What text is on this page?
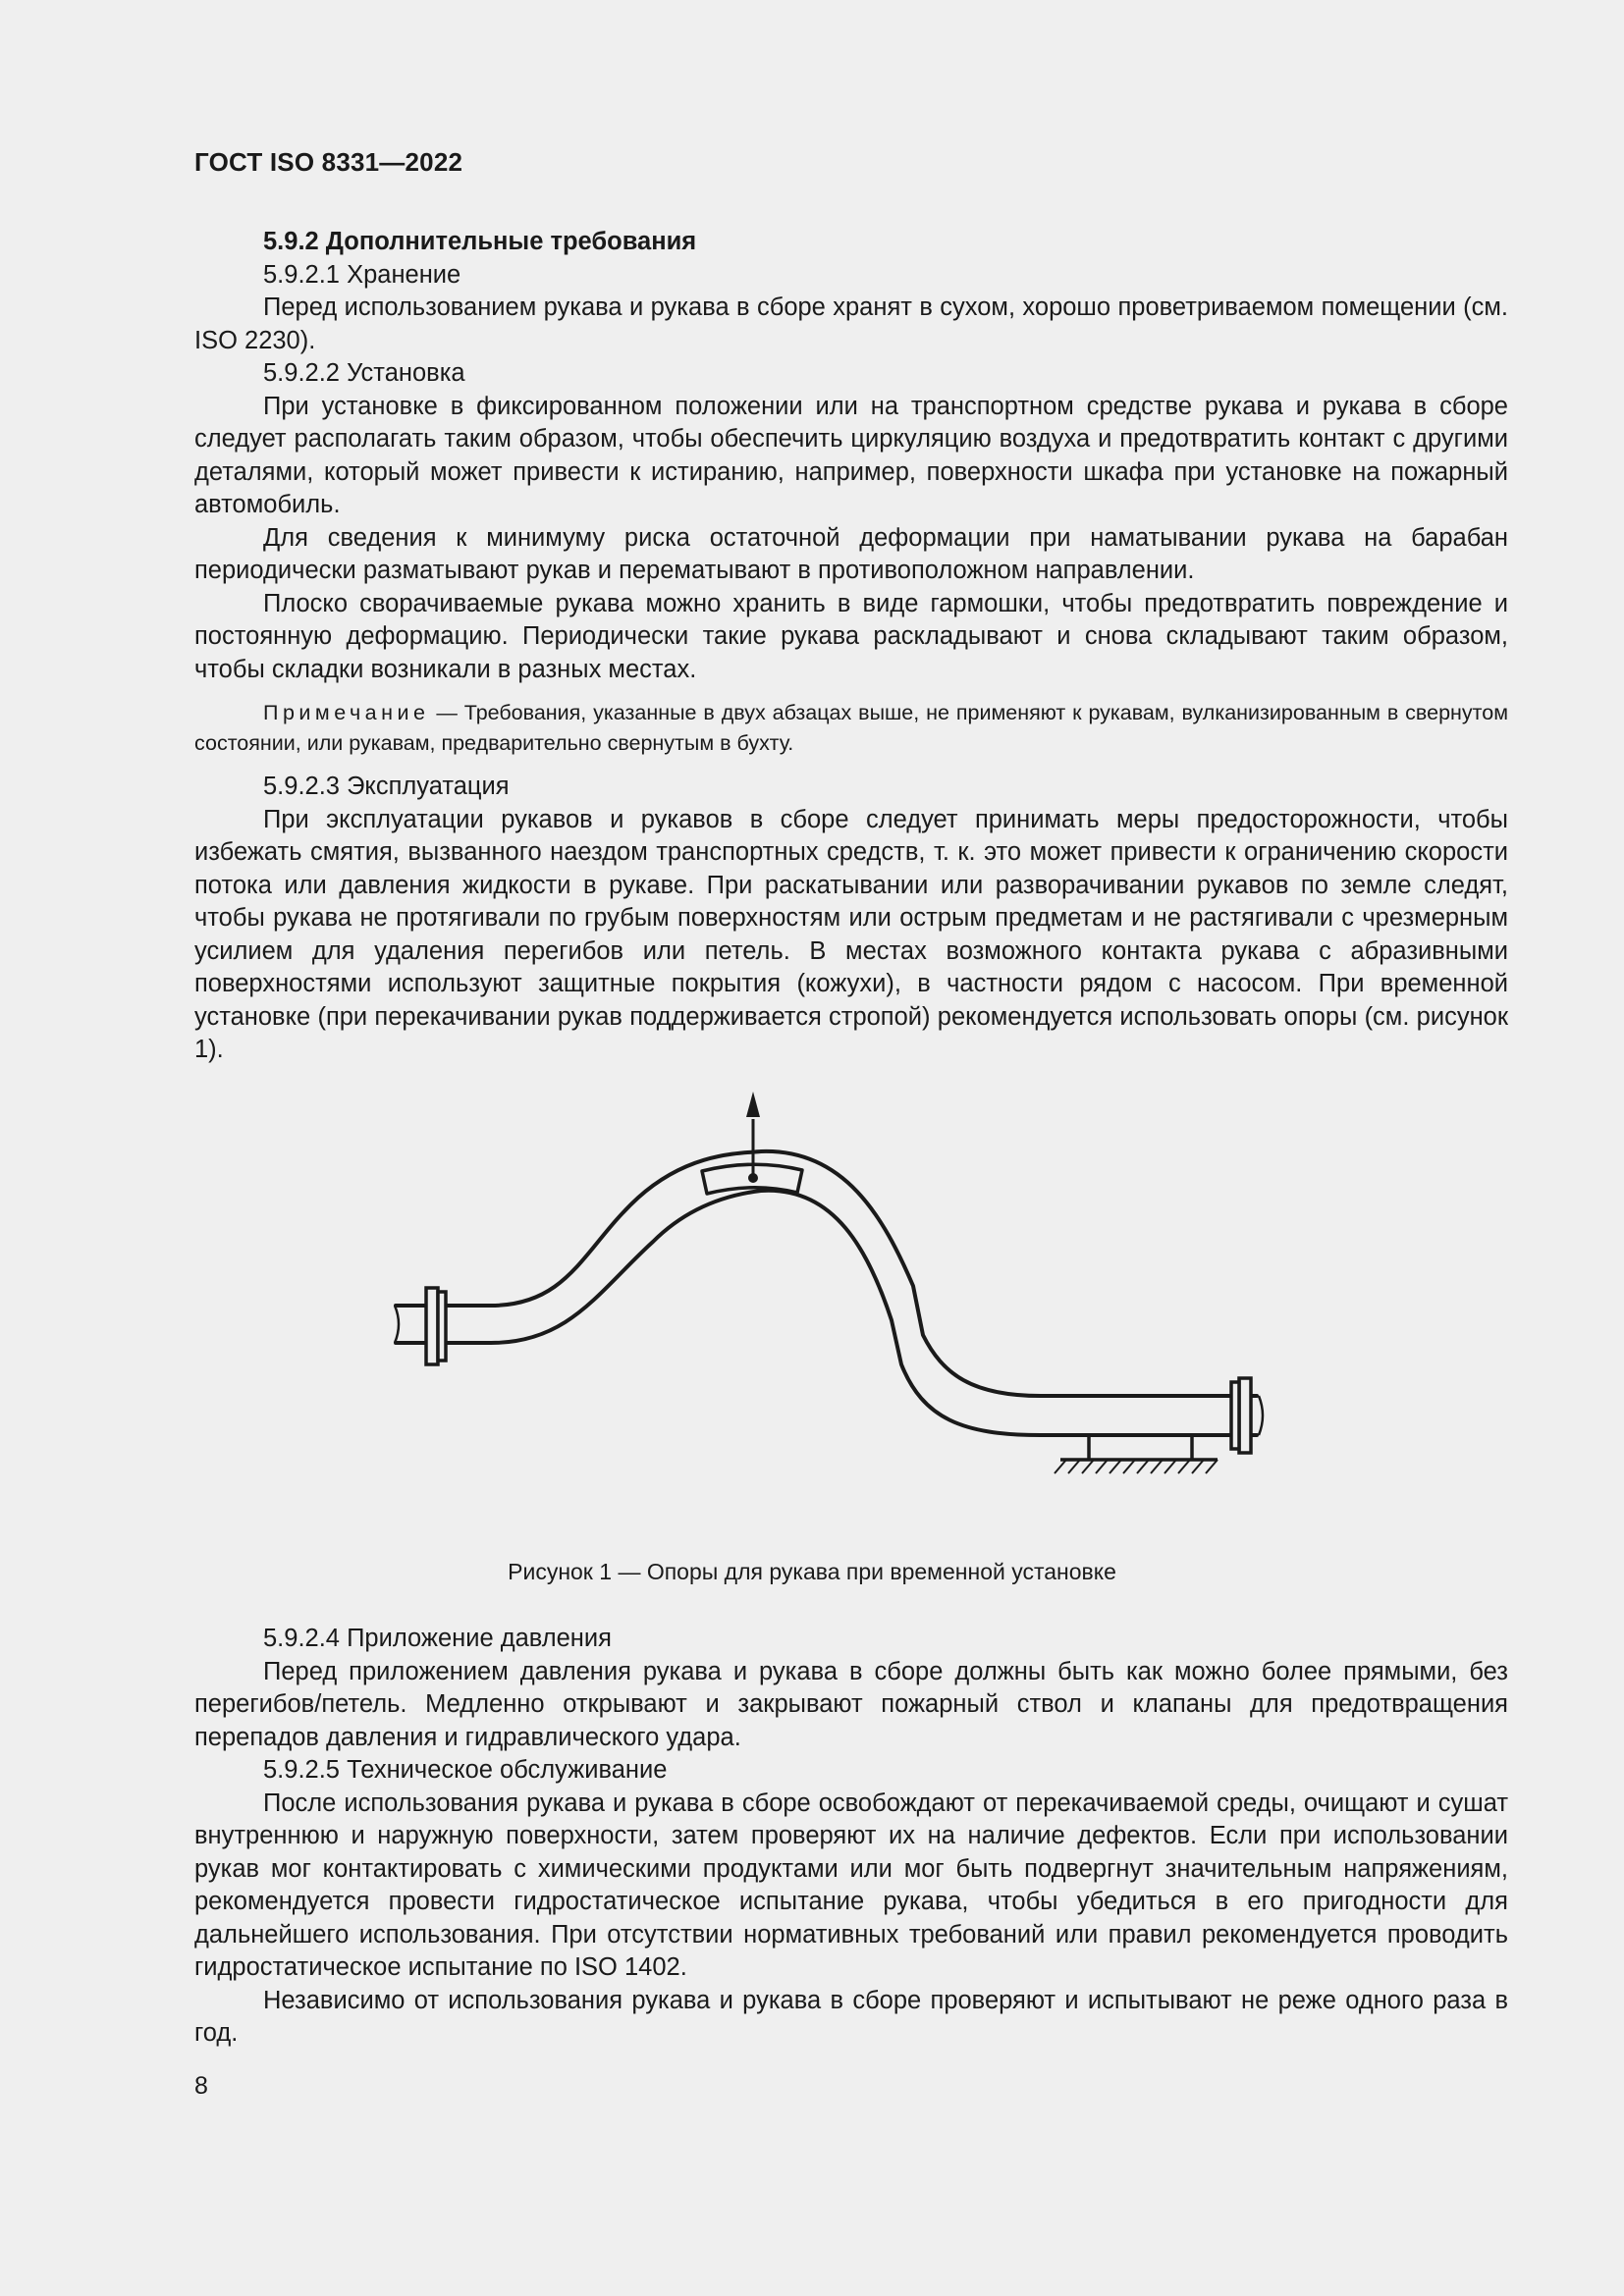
ГОСТ ISO 8331—2022

5.9.2 Дополнительные требования

5.9.2.1 Хранение

Перед использованием рукава и рукава в сборе хранят в сухом, хорошо проветриваемом помещении (см. ISO 2230).

5.9.2.2 Установка

При установке в фиксированном положении или на транспортном средстве рукава и рукава в сборе следует располагать таким образом, чтобы обеспечить циркуляцию воздуха и предотвратить контакт с другими деталями, который может привести к истиранию, например, поверхности шкафа при установке на пожарный автомобиль.

Для сведения к минимуму риска остаточной деформации при наматывании рукава на барабан периодически разматывают рукав и перематывают в противоположном направлении.

Плоско сворачиваемые рукава можно хранить в виде гармошки, чтобы предотвратить повреждение и постоянную деформацию. Периодически такие рукава раскладывают и снова складывают таким образом, чтобы складки возникали в разных местах.

Примечание — Требования, указанные в двух абзацах выше, не применяют к рукавам, вулканизированным в свернутом состоянии, или рукавам, предварительно свернутым в бухту.

5.9.2.3 Эксплуатация

При эксплуатации рукавов и рукавов в сборе следует принимать меры предосторожности, чтобы избежать смятия, вызванного наездом транспортных средств, т. к. это может привести к ограничению скорости потока или давления жидкости в рукаве. При раскатывании или разворачивании рукавов по земле следят, чтобы рукава не протягивали по грубым поверхностям или острым предметам и не растягивали с чрезмерным усилием для удаления перегибов или петель. В местах возможного контакта рукава с абразивными поверхностями используют защитные покрытия (кожухи), в частности рядом с насосом. При временной установке (при перекачивании рукав поддерживается стропой) рекомендуется использовать опоры (см. рисунок 1).

Рисунок 1 — Опоры для рукава при временной установке

5.9.2.4 Приложение давления

Перед приложением давления рукава и рукава в сборе должны быть как можно более прямыми, без перегибов/петель. Медленно открывают и закрывают пожарный ствол и клапаны для предотвращения перепадов давления и гидравлического удара.

5.9.2.5 Техническое обслуживание

После использования рукава и рукава в сборе освобождают от перекачиваемой среды, очищают и сушат внутреннюю и наружную поверхности, затем проверяют их на наличие дефектов. Если при использовании рукав мог контактировать с химическими продуктами или мог быть подвергнут значительным напряжениям, рекомендуется провести гидростатическое испытание рукава, чтобы убедиться в его пригодности для дальнейшего использования. При отсутствии нормативных требований или правил рекомендуется проводить гидростатическое испытание по ISO 1402.

Независимо от использования рукава и рукава в сборе проверяют и испытывают не реже одного раза в год.

8
